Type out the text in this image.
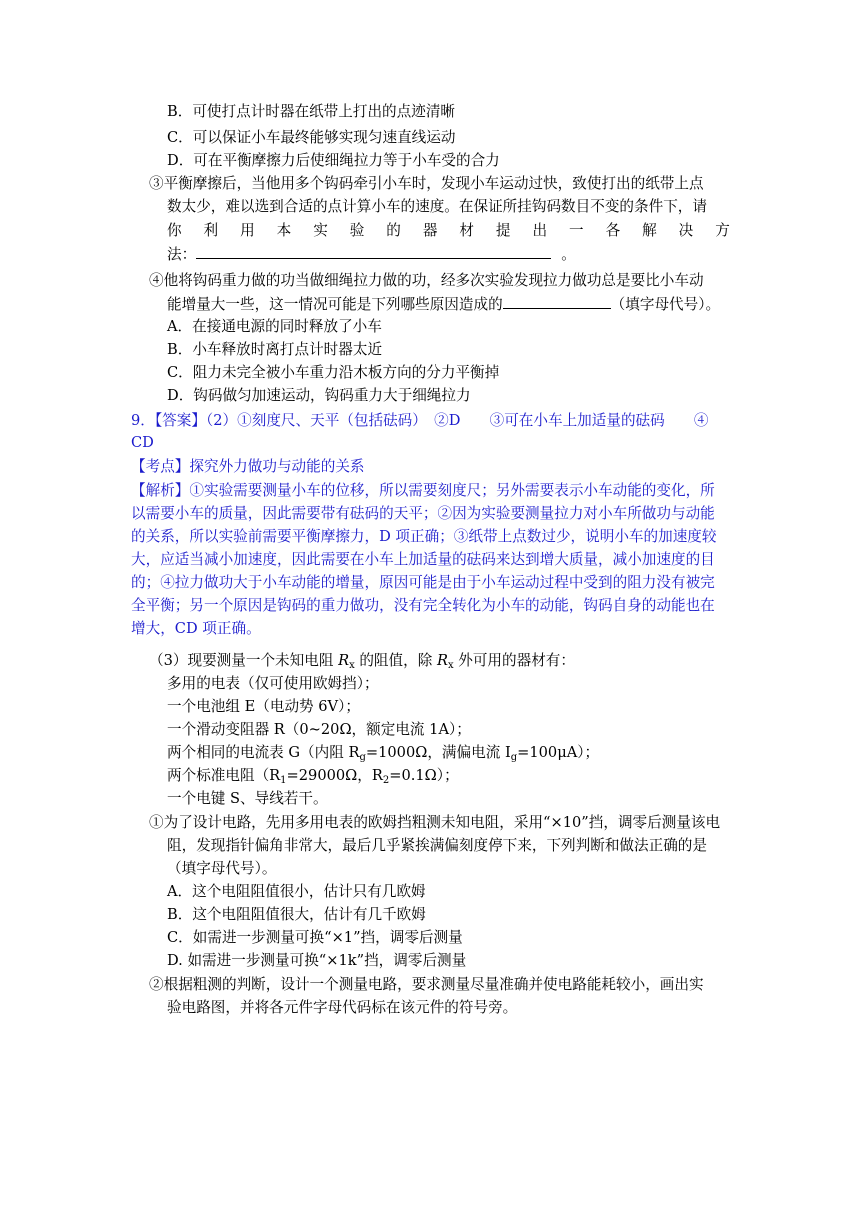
B．可使打点计时器在纸带上打出的点迹清晰
C．可以保证小车最终能够实现匀速直线运动
D．可在平衡摩擦力后使细绳拉力等于小车受的合力
③平衡摩擦后，当他用多个钩码牵引小车时，发现小车运动过快，致使打出的纸带上点
数太少，难以选到合适的点计算小车的速度。在保证所挂钩码数目不变的条件下，请
你 利 用 本 实 验 的 器 材 提 出 一 各 解 决 方
法：	。
④他将钩码重力做的功当做细绳拉力做的功，经多次实验发现拉力做功总是要比小车动
能增量大一些，这一情况可能是下列哪些原因造成的	（填字母代号）。
A．在接通电源的同时释放了小车
B．小车释放时离打点计时器太近
C．阻力未完全被小车重力沿木板方向的分力平衡掉
D．钩码做匀加速运动，钩码重力大于细绳拉力
9．【答案】（2）①刻度尺、天平（包括砝码）　②D　　③可在小车上加适量的砝码　　④
CD
【考点】探究外力做功与动能的关系
【解析】①实验需要测量小车的位移，所以需要刻度尺；另外需要表示小车动能的变化，所
以需要小车的质量，因此需要带有砝码的天平；②因为实验要测量拉力对小车所做功与动能
的关系，所以实验前需要平衡摩擦力，D 项正确；③纸带上点数过少，说明小车的加速度较
大，应适当减小加速度，因此需要在小车上加适量的砝码来达到增大质量，减小加速度的目
的；④拉力做功大于小车动能的增量，原因可能是由于小车运动过程中受到的阻力没有被完
全平衡；另一个原因是钩码的重力做功，没有完全转化为小车的动能，钩码自身的动能也在
增大，CD 项正确。
（3）现要测量一个未知电阻 $R_x$ 的阻值，除 $R_x$ 外可用的器材有：
多用的电表（仅可使用欧姆挡）；
一个电池组 E（电动势 6V）；
一个滑动变阻器 R（0~20Ω，额定电流 1A）；
两个相同的电流表 G（内阻 $R_g=1000\Omega$，满偏电流 $I_g=100\mu A$）；
两个标准电阻（$R_1=29000\Omega$，$R_2=0.1\Omega$）；
一个电键 S、导线若干。
①为了设计电路，先用多用电表的欧姆挡粗测未知电阻，采用“×10”挡，调零后测量该电
阻，发现指针偏角非常大，最后几乎紧挨满偏刻度停下来，下列判断和做法正确的是
（填字母代号）。
A．这个电阻阻值很小，估计只有几欧姆
B．这个电阻阻值很大，估计有几千欧姆
C．如需进一步测量可换“×1”挡，调零后测量
D. 如需进一步测量可换“×1k”挡，调零后测量
②根据粗测的判断，设计一个测量电路，要求测量尽量准确并使电路能耗较小，画出实
验电路图，并将各元件字母代码标在该元件的符号旁。
